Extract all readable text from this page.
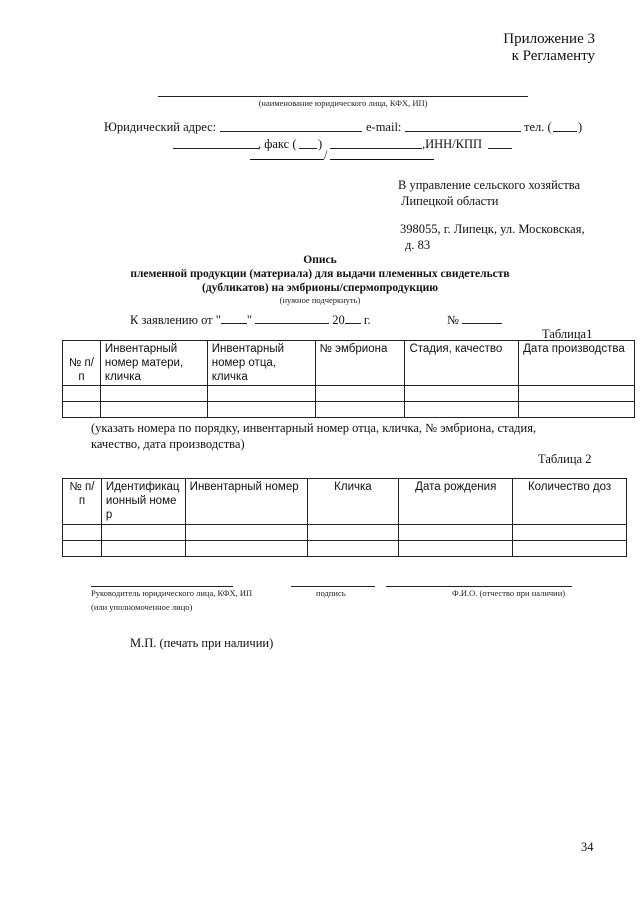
Приложение 3
к Регламенту
(наименование юридического лица, КФХ, ИП)
Юридический адрес:	e-mail:	тел. ( )
, факс ( )	,ИНН/КПП
/
В управление сельского хозяйства
Липецкой области
398055, г. Липецк, ул. Московская,
д. 83
Опись
племенной продукции (материала) для выдачи племенных свидетельств
(дубликатов) на эмбрионы/спермопродукцию
(нужное подчеркнуть)
К заявлению от " "	20 г.	№
Таблица1
№ п/п	Инвентарный номер матери, кличка	Инвентарный номер отца, кличка	№ эмбриона	Стадия, качество	Дата производства

(указать номера по порядку, инвентарный номер отца, кличка, № эмбриона, стадия,
качество, дата производства)
Таблица 2
№ п/п	Идентификационный номер	Инвентарный номер	Кличка	Дата рождения	Количество доз

Руководитель юридического лица, КФХ, ИП	подпись	Ф.И.О. (отчество при наличии)
(или уполномоченное лицо)
М.П. (печать при наличии)
34
